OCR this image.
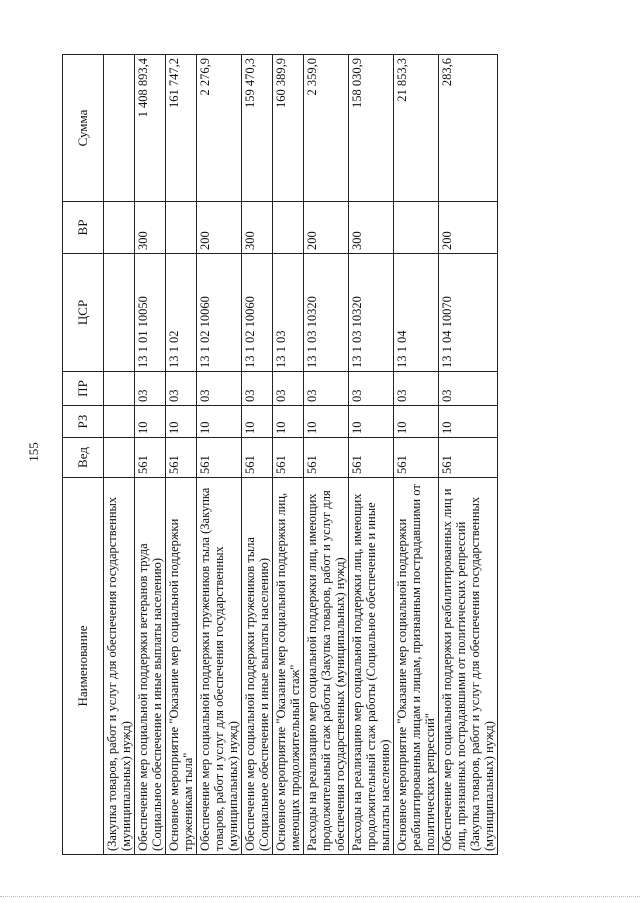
155
Наименование	Вед	РЗ	ПР	ЦСР	ВР	Сумма
(Закупка товаров, работ и услуг для обеспечения государственных (муниципальных) нужд)						
Обеспечение мер социальной поддержки ветеранов труда (Социальное обеспечение и иные выплаты населению)	561	10	03	13 1 01 10050	300	1 408 893,4
Основное мероприятие "Оказание мер социальной поддержки труженикам тыла"	561	10	03	13 1 02		161 747,2
Обеспечение мер социальной поддержки тружеников тыла (Закупка товаров, работ и услуг для обеспечения государственных (муниципальных) нужд)	561	10	03	13 1 02 10060	200	2 276,9
Обеспечение мер социальной поддержки тружеников тыла (Социальное обеспечение и иные выплаты населению)	561	10	03	13 1 02 10060	300	159 470,3
Основное мероприятие "Оказание мер социальной поддержки лиц, имеющих продолжительный стаж"	561	10	03	13 1 03		160 389,9
Расходы на реализацию мер социальной поддержки лиц, имеющих продолжительный стаж работы (Закупка товаров, работ и услуг для обеспечения государственных (муниципальных) нужд)	561	10	03	13 1 03 10320	200	2 359,0
Расходы на реализацию мер социальной поддержки лиц, имеющих продолжительный стаж работы (Социальное обеспечение и иные выплаты населению)	561	10	03	13 1 03 10320	300	158 030,9
Основное мероприятие "Оказание мер социальной поддержки реабилитированным лицам и лицам, признанным пострадавшими от политических репрессий"	561	10	03	13 1 04		21 853,3
Обеспечение мер социальной поддержки реабилитированных лиц и лиц, признанных пострадавшими от политических репрессий (Закупка товаров, работ и услуг для обеспечения государственных (муниципальных) нужд)	561	10	03	13 1 04 10070	200	283,6
